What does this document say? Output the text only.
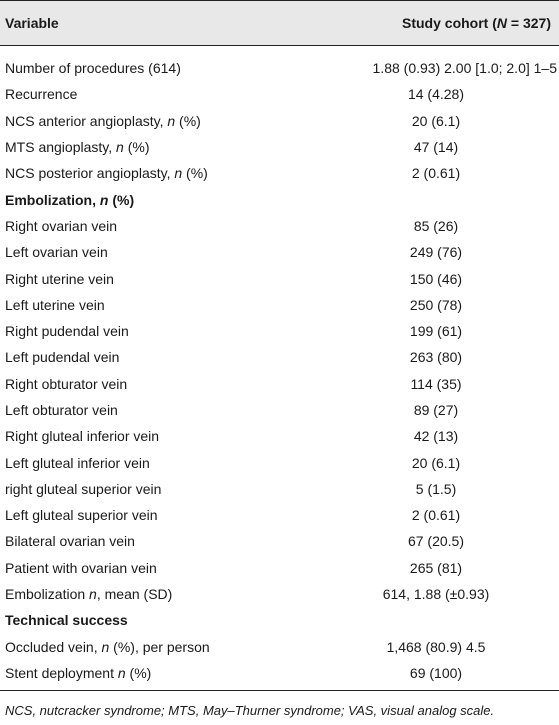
Variable	Study cohort (N = 327)
Number of procedures (614)	1.88 (0.93) 2.00 [1.0; 2.0] 1–5
Recurrence	14 (4.28)
NCS anterior angioplasty, n (%)	20 (6.1)
MTS angioplasty, n (%)	47 (14)
NCS posterior angioplasty, n (%)	2 (0.61)
Embolization, n (%)
Right ovarian vein	85 (26)
Left ovarian vein	249 (76)
Right uterine vein	150 (46)
Left uterine vein	250 (78)
Right pudendal vein	199 (61)
Left pudendal vein	263 (80)
Right obturator vein	114 (35)
Left obturator vein	89 (27)
Right gluteal inferior vein	42 (13)
Left gluteal inferior vein	20 (6.1)
right gluteal superior vein	5 (1.5)
Left gluteal superior vein	2 (0.61)
Bilateral ovarian vein	67 (20.5)
Patient with ovarian vein	265 (81)
Embolization n, mean (SD)	614, 1.88 (±0.93)
Technical success
Occluded vein, n (%), per person	1,468 (80.9) 4.5
Stent deployment n (%)	69 (100)
NCS, nutcracker syndrome; MTS, May–Thurner syndrome; VAS, visual analog scale.
